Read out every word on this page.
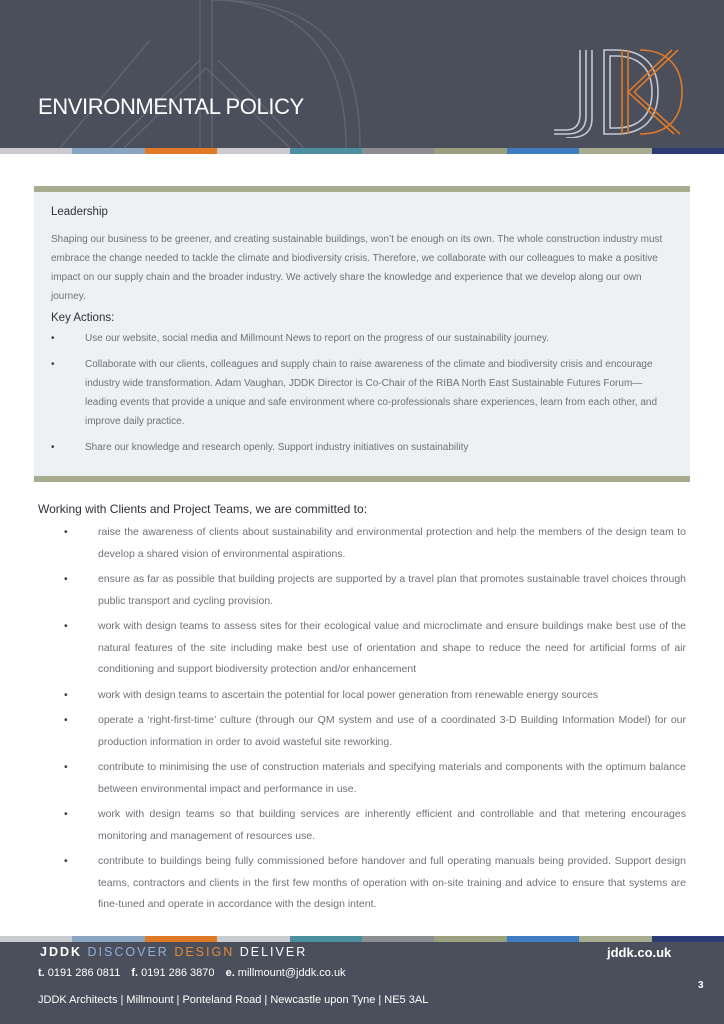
ENVIRONMENTAL POLICY
Leadership
Shaping our business to be greener, and creating sustainable buildings, won’t be enough on its own. The whole construction industry must embrace the change needed to tackle the climate and biodiversity crisis. Therefore, we collaborate with our colleagues to make a positive impact on our supply chain and the broader industry. We actively share the knowledge and experience that we develop along our own journey.
Key Actions:
•	Use our website, social media and Millmount News to report on the progress of our sustainability journey.
•	Collaborate with our clients, colleagues and supply chain to raise awareness of the climate and biodiversity crisis and encourage industry wide transformation. Adam Vaughan, JDDK Director is Co-Chair of the RIBA North East Sustainable Futures Forum— leading events that provide a unique and safe environment where co-professionals share experiences, learn from each other, and improve daily practice.
•	Share our knowledge and research openly. Support industry initiatives on sustainability
Working with Clients and Project Teams, we are committed to:
•	raise the awareness of clients about sustainability and environmental protection and help the members of the design team to develop a shared vision of environmental aspirations.
•	ensure as far as possible that building projects are supported by a travel plan that promotes sustainable travel choices through public transport and cycling provision.
•	work with design teams to assess sites for their ecological value and microclimate and ensure buildings make best use of the natural features of the site including make best use of orientation and shape to reduce the need for artificial forms of air conditioning and support biodiversity protection and/or enhancement
•	work with design teams to ascertain the potential for local power generation from renewable energy sources
•	operate a ‘right-first-time’ culture (through our QM system and use of a coordinated 3-D Building Information Model) for our production information in order to avoid wasteful site reworking.
•	contribute to minimising the use of construction materials and specifying materials and components with the optimum balance between environmental impact and performance in use.
•	work with design teams so that building services are inherently efficient and controllable and that metering encourages monitoring and management of resources use.
•	contribute to buildings being fully commissioned before handover and full operating manuals being provided. Support design teams, contractors and clients in the first few months of operation with on-site training and advice to ensure that systems are fine-tuned and operate in accordance with the design intent.
JDDK DISCOVER DESIGN DELIVER	jddk.co.uk
3
t. 0191 286 0811 f. 0191 286 3870 e. millmount@jddk.co.uk
JDDK Architects | Millmount | Ponteland Road | Newcastle upon Tyne | NE5 3AL
